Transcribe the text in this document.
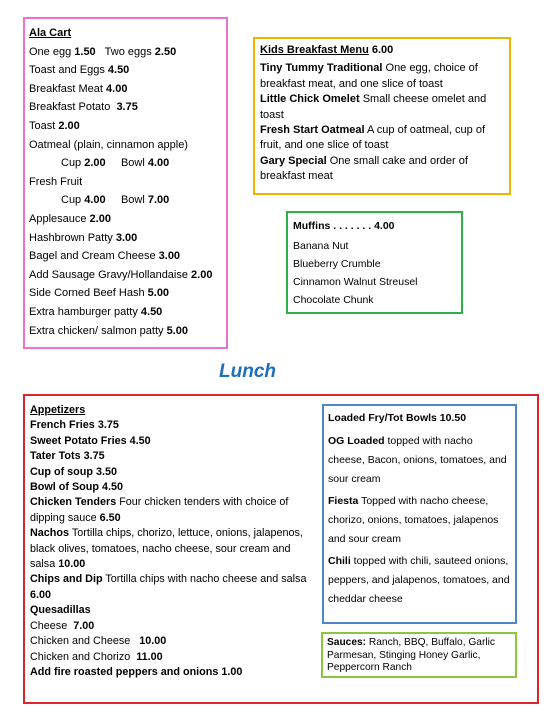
Ala Cart
One egg 1.50   Two eggs 2.50
Toast and Eggs 4.50
Breakfast Meat 4.00
Breakfast Potato  3.75
Toast 2.00
Oatmeal (plain, cinnamon apple)
Cup 2.00     Bowl 4.00
Fresh Fruit
Cup 4.00     Bowl 7.00
Applesauce 2.00
Hashbrown Patty 3.00
Bagel and Cream Cheese 3.00
Add Sausage Gravy/Hollandaise 2.00
Side Corned Beef Hash 5.00
Extra hamburger patty 4.50
Extra chicken/ salmon patty 5.00
Kids Breakfast Menu 6.00

Tiny Tummy Traditional One egg, choice of breakfast meat, and one slice of toast

Little Chick Omelet Small cheese omelet and toast

Fresh Start Oatmeal A cup of oatmeal, cup of fruit, and one slice of toast

Gary Special One small cake and order of breakfast meat

Muffins . . . . . . . 4.00
Banana Nut
Blueberry Crumble
Cinnamon Walnut Streusel
Chocolate Chunk
Lunch

Appetizers

French Fries 3.75

Sweet Potato Fries 4.50

Tater Tots 3.75

Cup of soup 3.50

Bowl of Soup 4.50

Chicken Tenders Four chicken tenders with choice of dipping sauce 6.50

Nachos Tortilla chips, chorizo, lettuce, onions, jalapenos, black olives, tomatoes, nacho cheese, sour cream and salsa 10.00

Chips and Dip Tortilla chips with nacho cheese and salsa 6.00

Quesadillas

Cheese  7.00

Chicken and Cheese   10.00

Chicken and Chorizo  11.00

Add fire roasted peppers and onions 1.00

Loaded Fry/Tot Bowls 10.50

OG Loaded topped with nacho cheese, Bacon, onions, tomatoes, and sour cream

Fiesta Topped with nacho cheese, chorizo, onions, tomatoes, jalapenos and sour cream

Chili topped with chili, sauteed onions, peppers, and jalapenos, tomatoes, and cheddar cheese

Sauces: Ranch, BBQ, Buffalo, Garlic Parmesan, Stinging Honey Garlic, Peppercorn Ranch
